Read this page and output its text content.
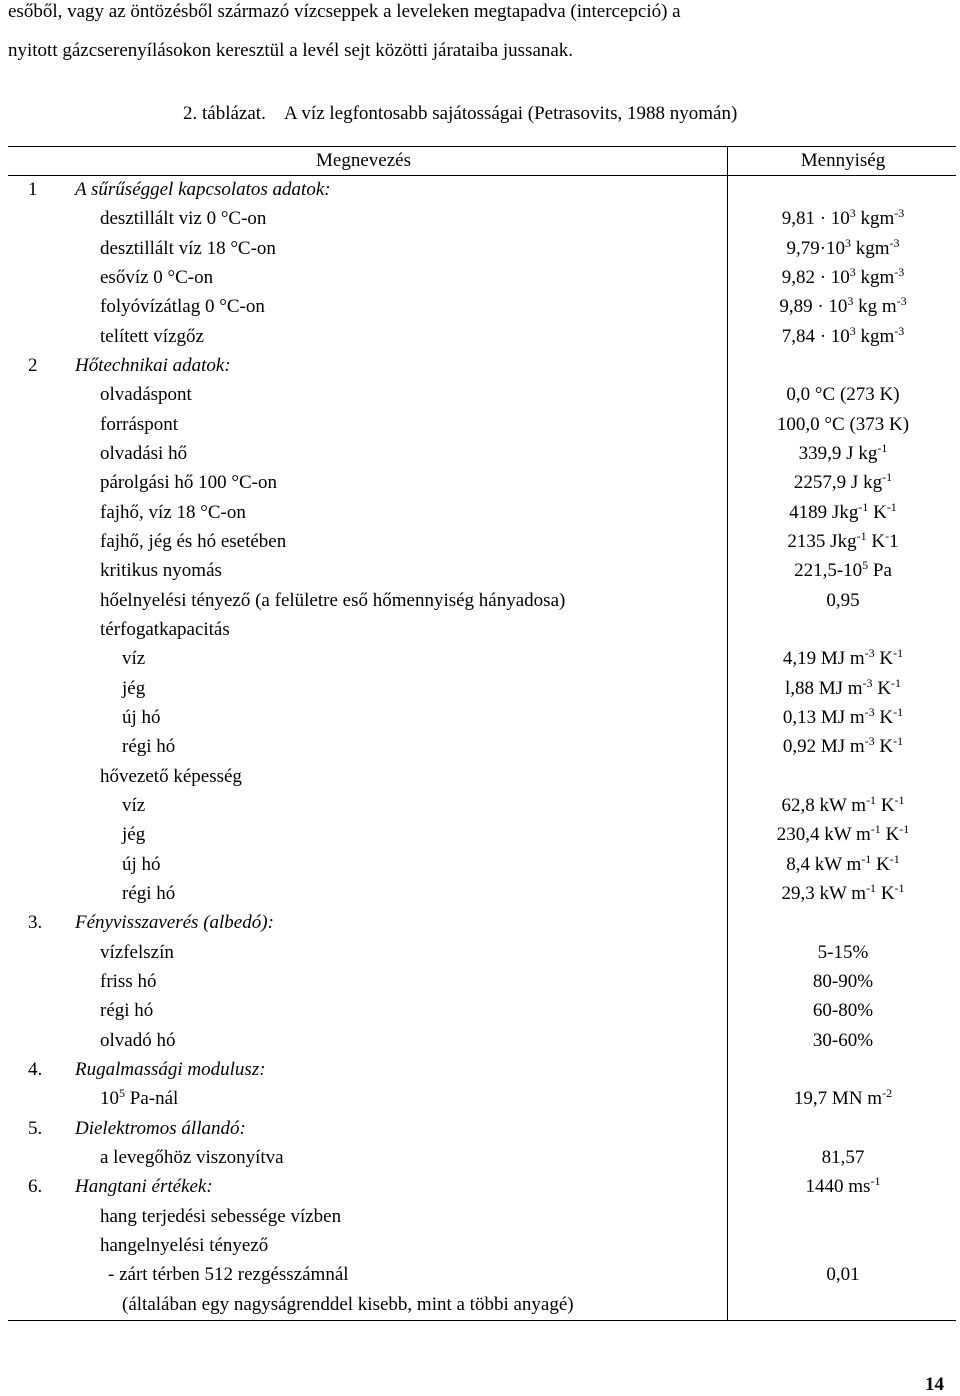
esőből, vagy az öntözésből származó vízcseppek a leveleken megtapadva (intercepció) a
nyitott gázcserenyílásokon keresztül a levél sejt közötti járataiba jussanak.
2. táblázat. A víz legfontosabb sajátosságai (Petrasovits, 1988 nyomán)
Megnevezés	Mennyiség
1 A sűrűséggel kapcsolatos adatok:
desztillált viz 0 °C-on	$9,81 \cdot 10^3$ kgm$^{-3}$
desztillált víz 18 °C-on	$9,79\cdot 10^3$ kgm$^{-3}$
esővíz 0 °C-on	$9,82 \cdot 10^3$ kgm$^{-3}$
folyóvízátlag 0 °C-on	$9,89 \cdot 10^3$ kg $m^{-3}$
telített vízgőz	$7,84 \cdot 10^3$ kgm$^{-3}$
2 Hőtechnikai adatok:
olvadáspont	0,0 °C (273 K)
forráspont	100,0 °C (373 K)
olvadási hő	339,9 J $kg^{-1}$
párolgási hő 100 °C-on	2257,9 J $kg^{-1}$
fajhő, víz 18 °C-on	4189 Jkg$^{-1}$ $K^{-1}$
fajhő, jég és hó esetében	2135 Jkg$^{-1}$ K-1
kritikus nyomás	$221,5-10^5$ Pa
hőelnyelési tényező (a felületre eső hőmennyiség hányadosa)	0,95
térfogatkapacitás
víz	4,19 MJ $m^{-3}$ $K^{-1}$
jég	l,88 MJ $m^{-3}$ $K^{-1}$
új hó	0,13 MJ $m^{-3}$ $K^{-1}$
régi hó	0,92 MJ $m^{-3}$ $K^{-1}$
hővezető képesség
víz	62,8 kW $m^{-1}$ $K^{-1}$
jég	230,4 kW $m^{-1}$ $K^{-1}$
új hó	8,4 kW $m^{-1}$ $K^{-1}$
régi hó	29,3 kW $m^{-1}$ $K^{-1}$
3. Fényvisszaverés (albedó):
vízfelszín	5-15%
friss hó	80-90%
régi hó	60-80%
olvadó hó	30-60%
4. Rugalmassági modulusz:
$10^5$ Pa-nál	19,7 MN $m^{-2}$
5. Dielektromos állandó:
a levegőhöz viszonyítva	81,57
6. Hangtani értékek:	1440 $ms^{-1}$
hang terjedési sebessége vízben
hangelnyelési tényező
- zárt térben 512 rezgésszámnál	0,01
(általában egy nagyságrenddel kisebb, mint a többi anyagé)
14
